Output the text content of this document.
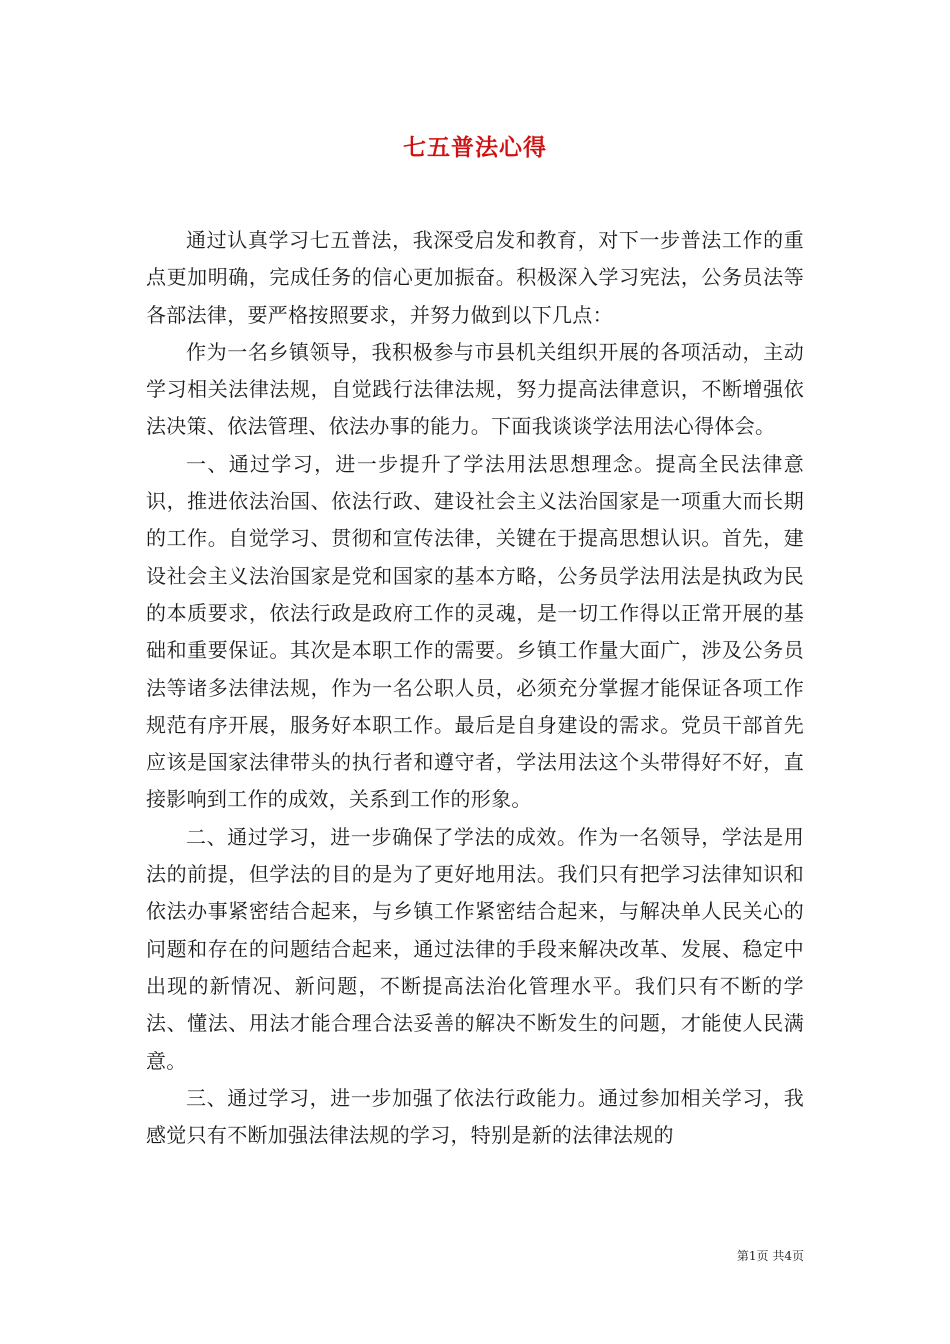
七五普法心得

通过认真学习七五普法，我深受启发和教育，对下一步普法工作的重点更加明确，完成任务的信心更加振奋。积极深入学习宪法，公务员法等各部法律，要严格按照要求，并努力做到以下几点：

作为一名乡镇领导，我积极参与市县机关组织开展的各项活动，主动学习相关法律法规，自觉践行法律法规，努力提高法律意识，不断增强依法决策、依法管理、依法办事的能力。下面我谈谈学法用法心得体会。

一、通过学习，进一步提升了学法用法思想理念。提高全民法律意识，推进依法治国、依法行政、建设社会主义法治国家是一项重大而长期的工作。自觉学习、贯彻和宣传法律，关键在于提高思想认识。首先，建设社会主义法治国家是党和国家的基本方略，公务员学法用法是执政为民的本质要求，依法行政是政府工作的灵魂，是一切工作得以正常开展的基础和重要保证。其次是本职工作的需要。乡镇工作量大面广，涉及公务员法等诸多法律法规，作为一名公职人员，必须充分掌握才能保证各项工作规范有序开展，服务好本职工作。最后是自身建设的需求。党员干部首先应该是国家法律带头的执行者和遵守者，学法用法这个头带得好不好，直接影响到工作的成效，关系到工作的形象。

二、通过学习，进一步确保了学法的成效。作为一名领导，学法是用法的前提，但学法的目的是为了更好地用法。我们只有把学习法律知识和依法办事紧密结合起来，与乡镇工作紧密结合起来，与解决单人民关心的问题和存在的问题结合起来，通过法律的手段来解决改革、发展、稳定中出现的新情况、新问题，不断提高法治化管理水平。我们只有不断的学法、懂法、用法才能合理合法妥善的解决不断发生的问题，才能使人民满意。

三、通过学习，进一步加强了依法行政能力。通过参加相关学习，我感觉只有不断加强法律法规的学习，特别是新的法律法规的

第1页 共4页
